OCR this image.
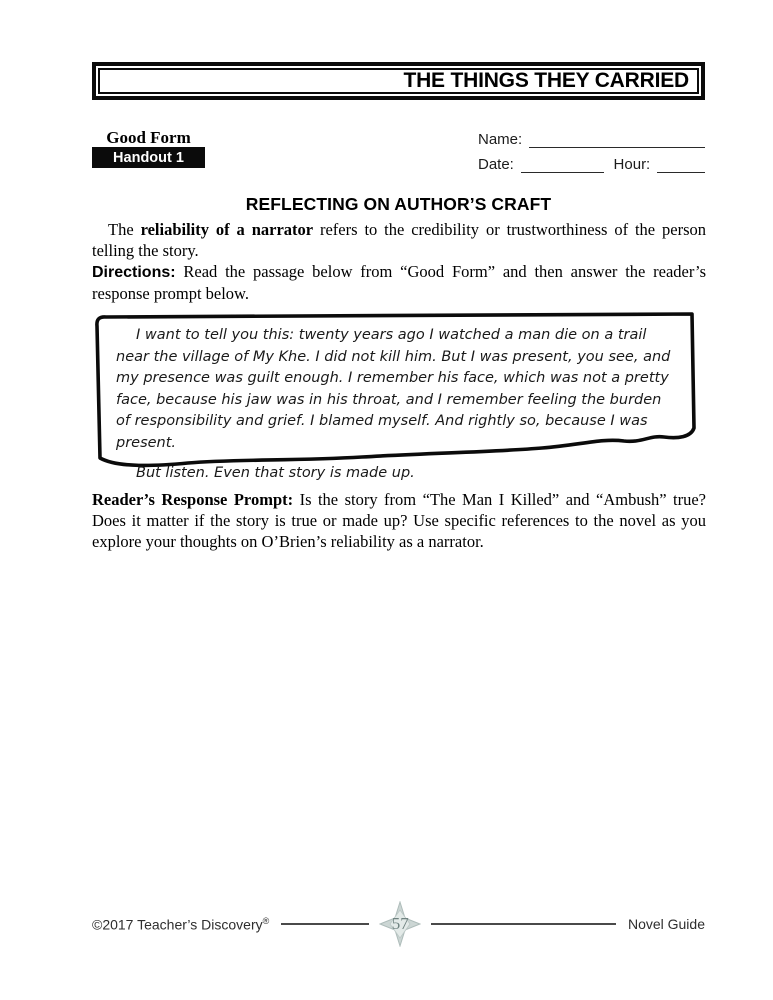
THE THINGS THEY CARRIED
Good Form
Handout 1
Name:
Date:	Hour:
REFLECTING ON AUTHOR’S CRAFT
The reliability of a narrator refers to the credibility or trustworthiness of the person telling the story.
Directions: Read the passage below from “Good Form” and then answer the reader’s response prompt below.

I want to tell you this: twenty years ago I watched a man die on a trail near the village of My Khe. I did not kill him. But I was present, you see, and my presence was guilt enough. I remember his face, which was not a pretty face, because his jaw was in his throat, and I remember feeling the burden of responsibility and grief. I blamed myself. And rightly so, because I was present.

But listen. Even that story is made up.

Reader’s Response Prompt: Is the story from “The Man I Killed” and “Ambush” true? Does it matter if the story is true or made up? Use specific references to the novel as you explore your thoughts on O’Brien’s reliability as a narrator.
©2017 Teacher’s Discovery®	57	Novel Guide
